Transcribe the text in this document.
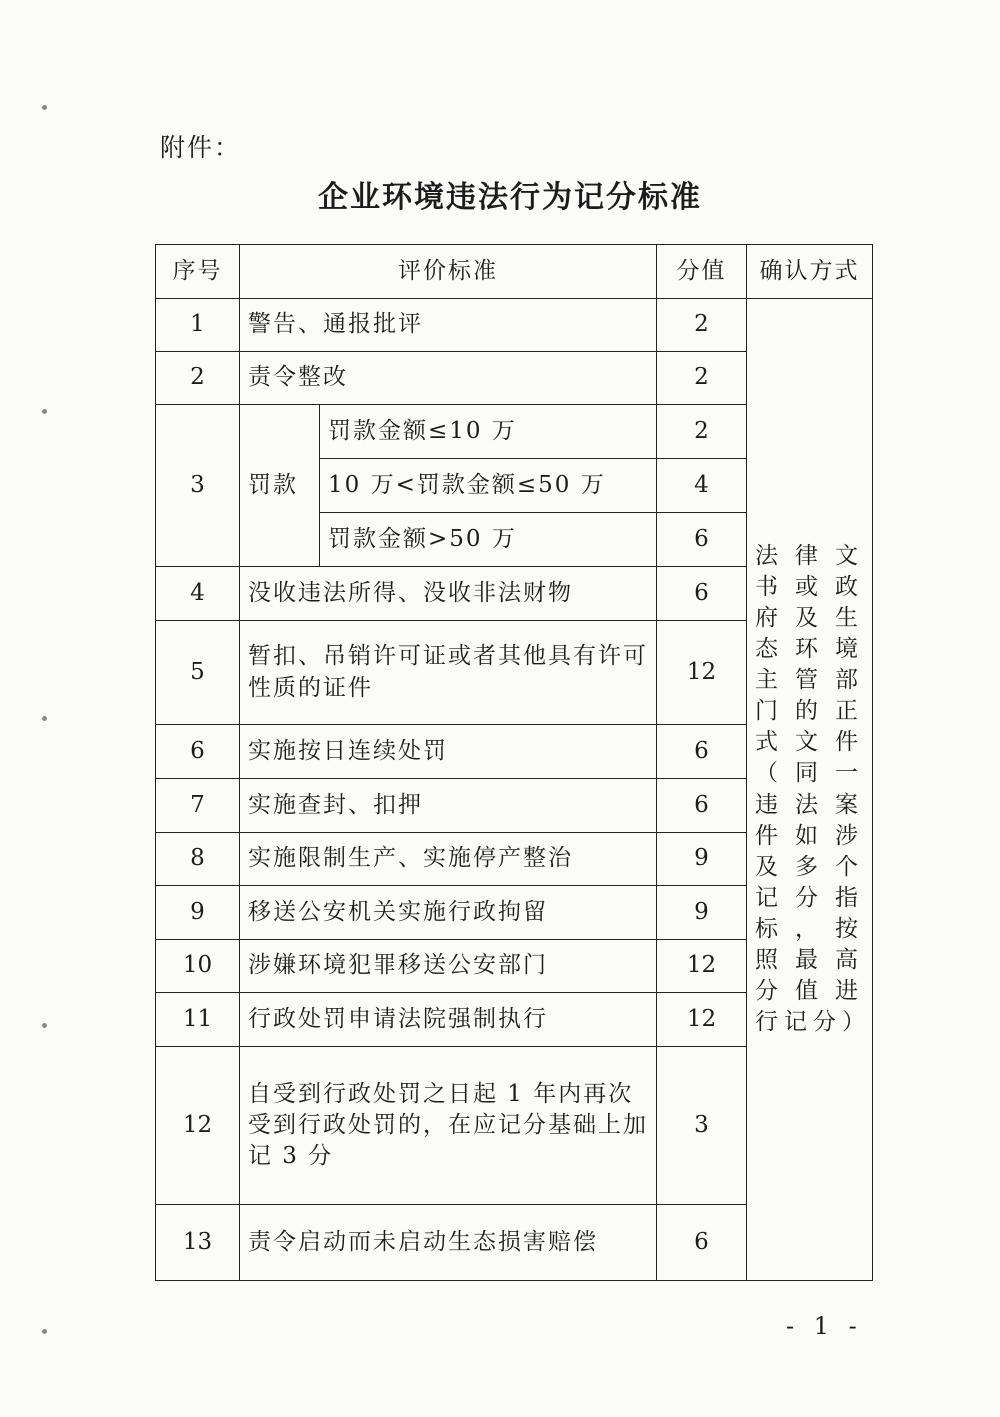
附件：
企业环境违法行为记分标准
序号	评价标准		分值	确认方式
1	警告、通报批评		2	法律文书或政府及生态环境主管部门的正式文件（同一违法案件如涉及多个记分指标，按照最高分值进行记分）
2	责令整改		2	
3	罚款	罚款金额≤10 万	2	
		10 万<罚款金额≤50 万	4	
		罚款金额>50 万	6	
4	没收违法所得、没收非法财物		6	
5	暂扣、吊销许可证或者其他具有许可性质的证件		12	
6	实施按日连续处罚		6	
7	实施查封、扣押		6	
8	实施限制生产、实施停产整治		9	
9	移送公安机关实施行政拘留		9	
10	涉嫌环境犯罪移送公安部门		12	
11	行政处罚申请法院强制执行		12	
12	自受到行政处罚之日起 1 年内再次受到行政处罚的，在应记分基础上加记 3 分		3	
13	责令启动而未启动生态损害赔偿		6	
- 1 -
